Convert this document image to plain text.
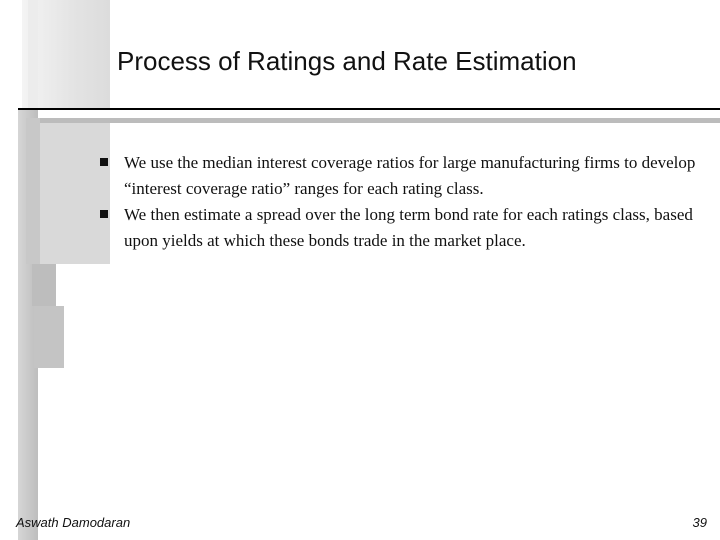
Process of Ratings and Rate Estimation
We use the median interest coverage ratios for large manufacturing firms to develop “interest coverage ratio” ranges for each rating class.
We then estimate a spread over the long term bond rate for each ratings class, based upon yields at which these bonds trade in the market place.
Aswath Damodaran	39
